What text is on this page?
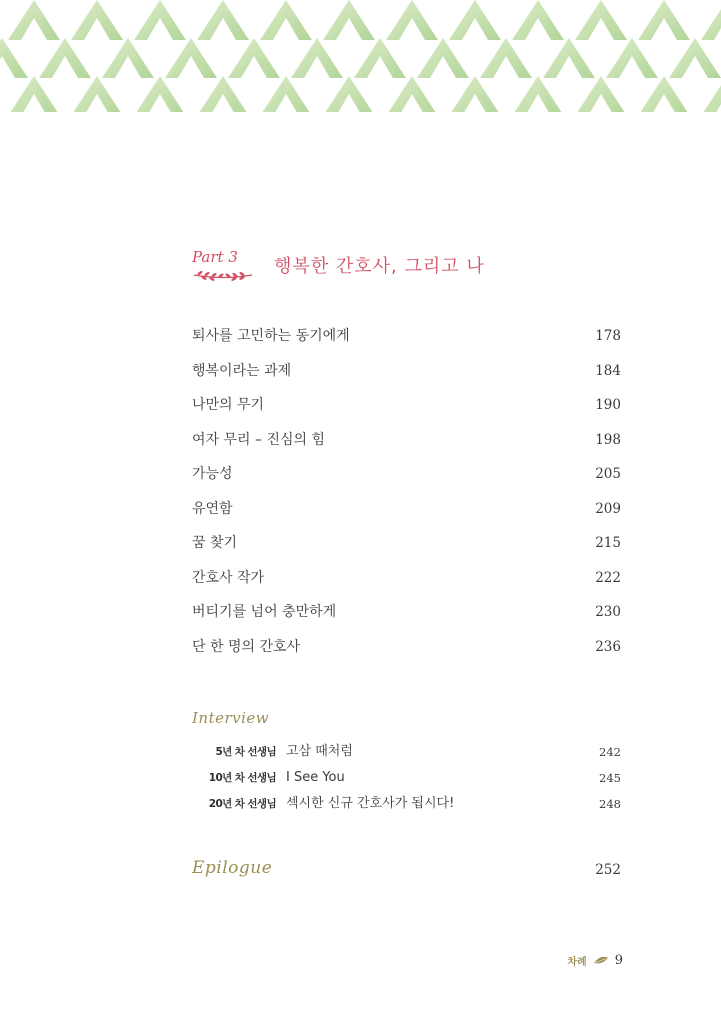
Part 3 행복한 간호사, 그리고 나
퇴사를 고민하는 동기에게	178
행복이라는 과제	184
나만의 무기	190
여자 무리 – 진심의 힘	198
가능성	205
유연함	209
꿈 찾기	215
간호사 작가	222
버티기를 넘어 충만하게	230
단 한 명의 간호사	236
Interview
5년 차 선생님 고삼 때처럼	242
10년 차 선생님 I See You	245
20년 차 선생님 섹시한 신규 간호사가 됩시다!	248
Epilogue	252
차례 9
